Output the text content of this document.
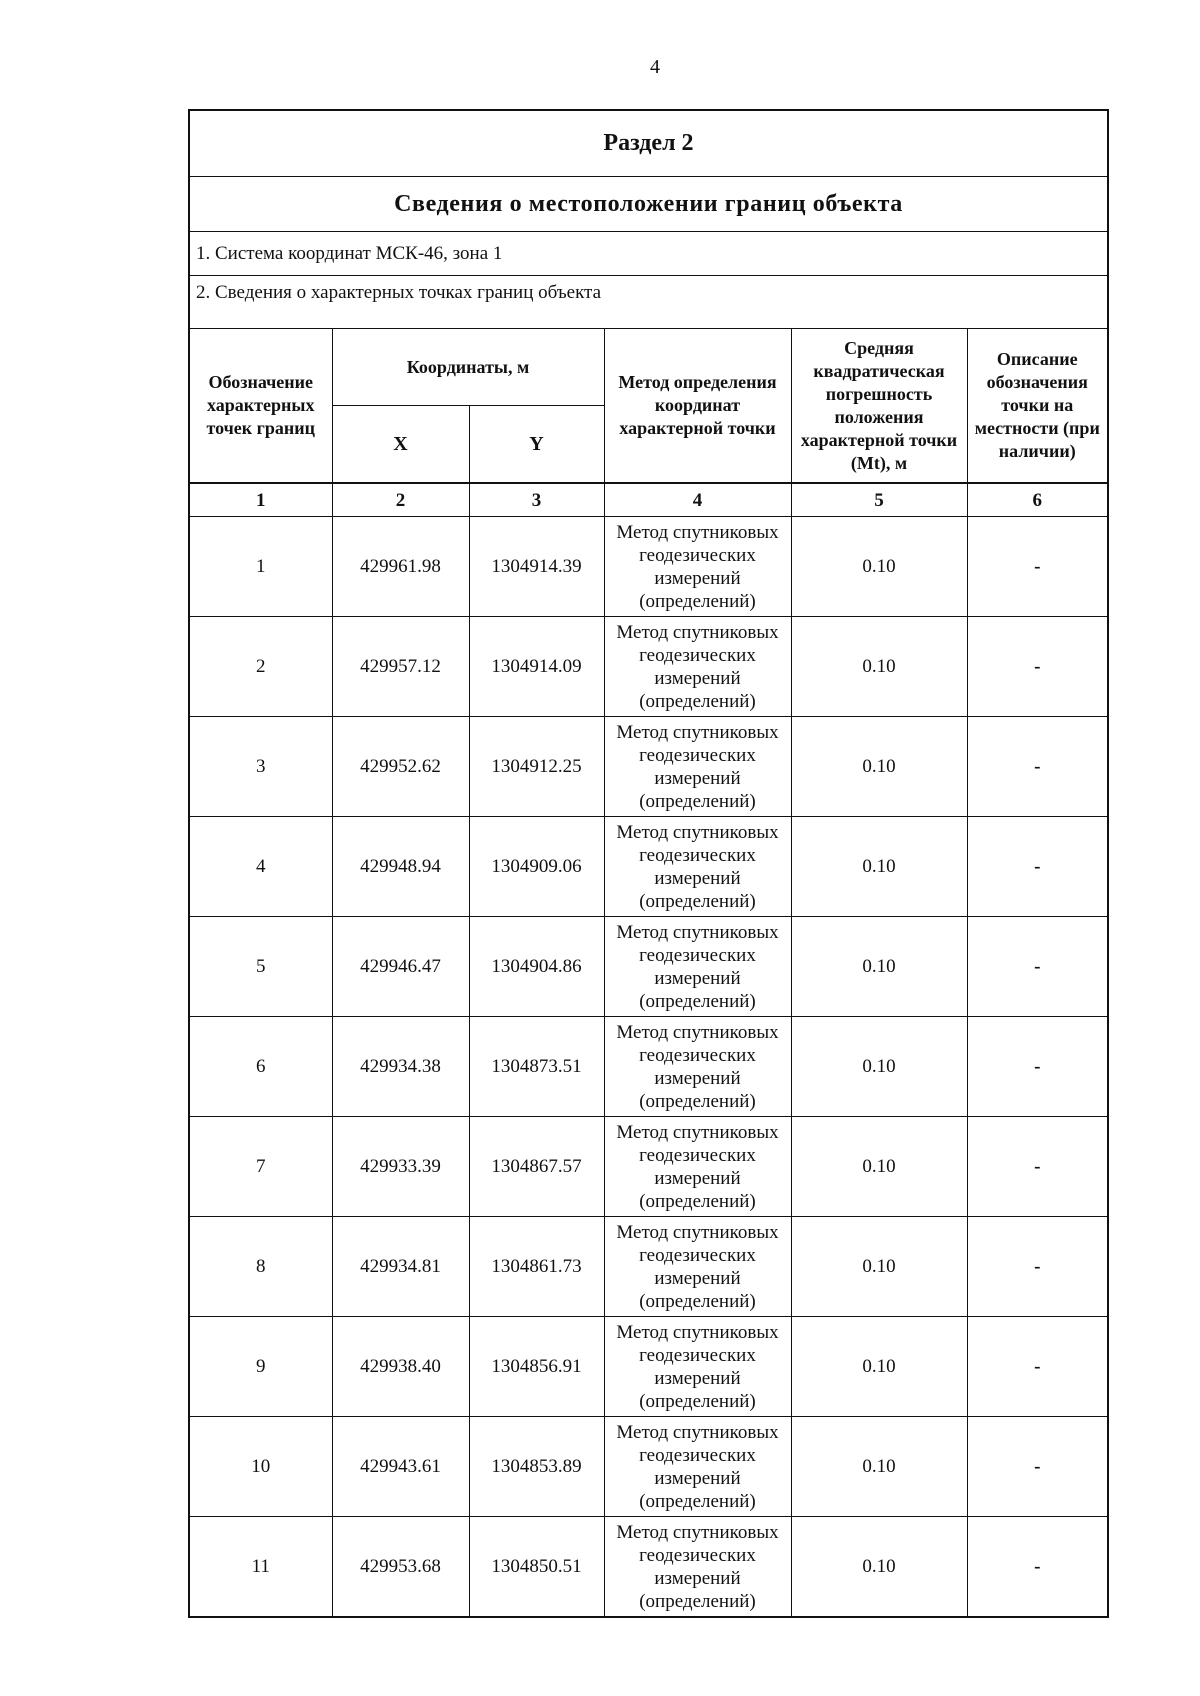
4
Раздел 2
Сведения о местоположении границ объекта
1. Система координат МСК-46, зона 1
2. Сведения о характерных точках границ объекта
Обозначение характерных точек границ	Координаты, м		Метод определения координат характерной точки	Средняя квадратическая погрешность положения характерной точки (Mt), м	Описание обозначения точки на местности (при наличии)
	X	Y			
1	2	3	4	5	6
1	429961.98	1304914.39	Метод спутниковых геодезических измерений (определений)	0.10	-
2	429957.12	1304914.09	Метод спутниковых геодезических измерений (определений)	0.10	-
3	429952.62	1304912.25	Метод спутниковых геодезических измерений (определений)	0.10	-
4	429948.94	1304909.06	Метод спутниковых геодезических измерений (определений)	0.10	-
5	429946.47	1304904.86	Метод спутниковых геодезических измерений (определений)	0.10	-
6	429934.38	1304873.51	Метод спутниковых геодезических измерений (определений)	0.10	-
7	429933.39	1304867.57	Метод спутниковых геодезических измерений (определений)	0.10	-
8	429934.81	1304861.73	Метод спутниковых геодезических измерений (определений)	0.10	-
9	429938.40	1304856.91	Метод спутниковых геодезических измерений (определений)	0.10	-
10	429943.61	1304853.89	Метод спутниковых геодезических измерений (определений)	0.10	-
11	429953.68	1304850.51	Метод спутниковых геодезических измерений (определений)	0.10	-
